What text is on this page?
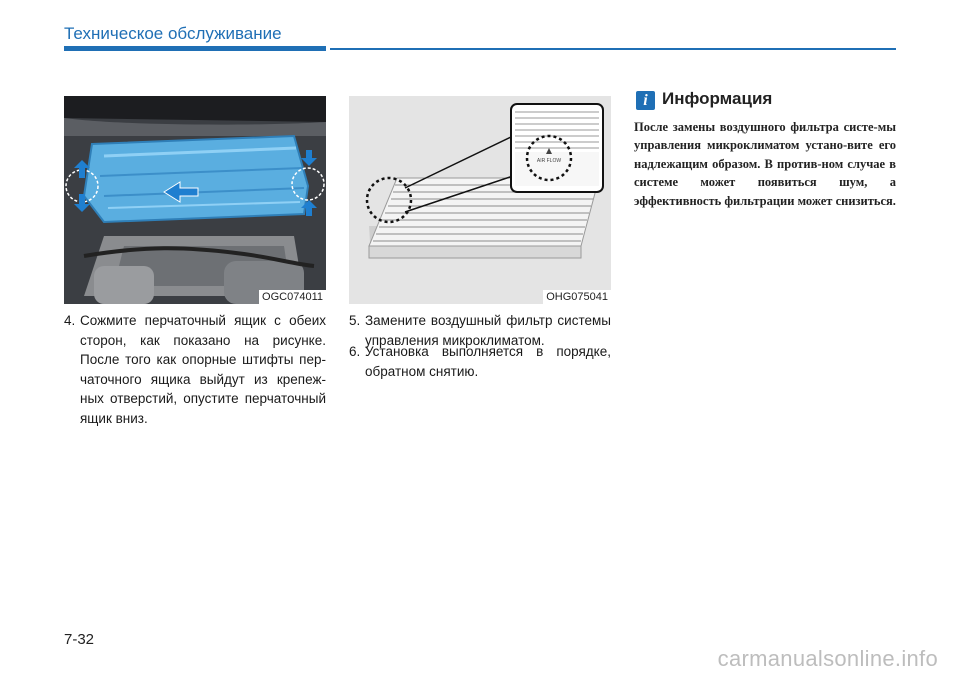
Техническое обслуживание
OGC074011
AIR FLOW
OHG075041
4. Сожмите перчаточный ящик с обеих сторон, как показано на рисунке. После того как опорные штифты пер-чаточного ящика выйдут из крепеж-ных отверстий, опустите перчаточный ящик вниз.
5. Замените воздушный фильтр системы управления микроклиматом.
6. Установка выполняется в порядке, обратном снятию.
i Информация
После замены воздушного фильтра систе-мы управления микроклиматом устано-вите его надлежащим образом. В против-ном случае в системе может появиться шум, а эффективность фильтрации может снизиться.
7-32
carmanualsonline.info
